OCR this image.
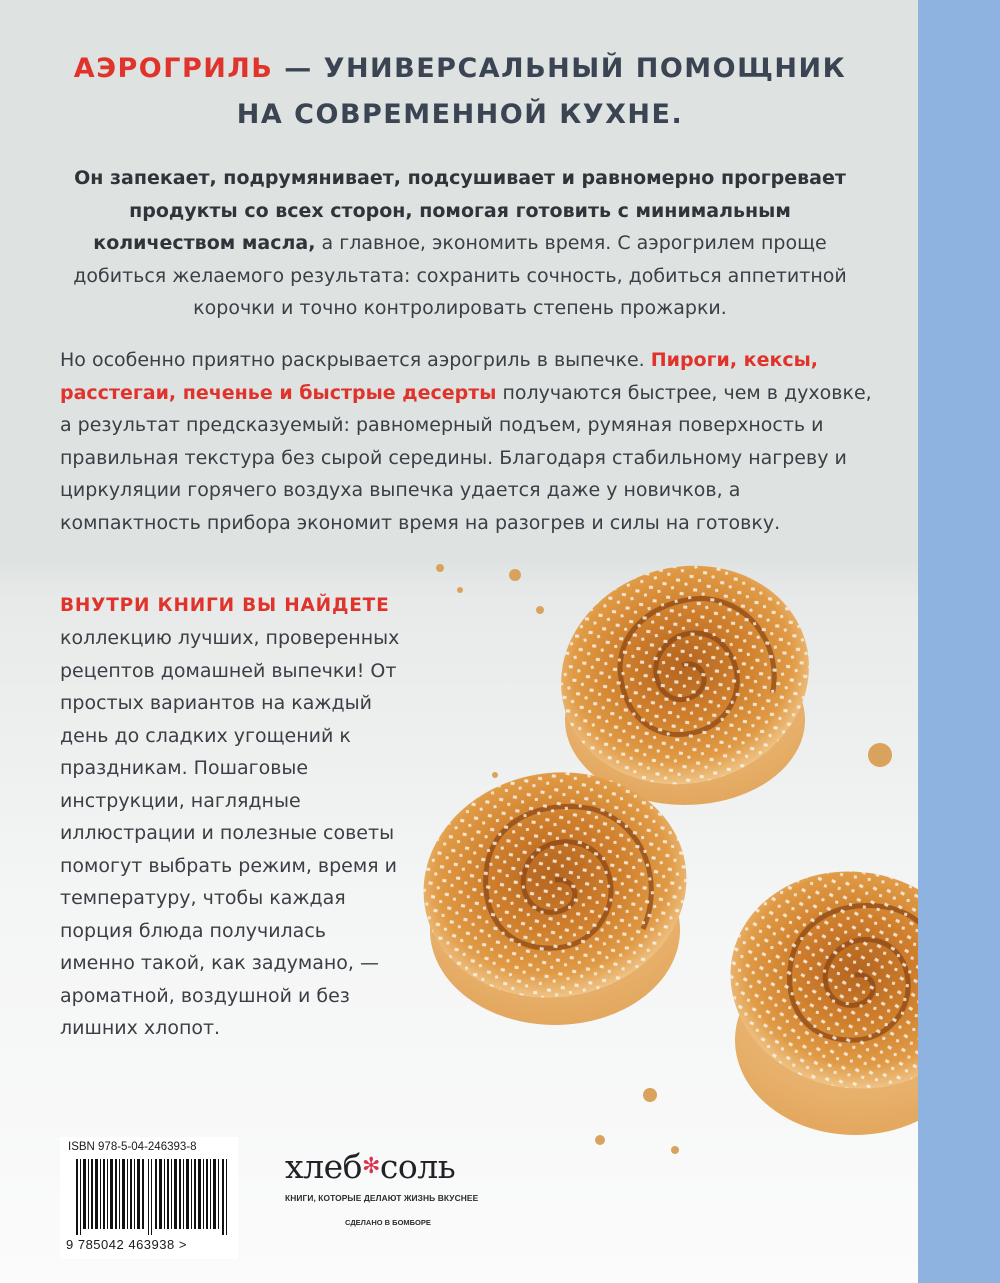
АЭРОГРИЛЬ — УНИВЕРСАЛЬНЫЙ ПОМОЩНИК
НА СОВРЕМЕННОЙ КУХНЕ.

Он запекает, подрумянивает, подсушивает и равномерно прогревает продукты со всех сторон, помогая готовить с минимальным количеством масла, а главное, экономить время. С аэрогрилем проще добиться желаемого результата: сохранить сочность, добиться аппетитной корочки и точно контролировать степень прожарки.

Но особенно приятно раскрывается аэрогриль в выпечке. Пироги, кексы, расстегаи, печенье и быстрые десерты получаются быстрее, чем в духовке, а результат предсказуемый: равномерный подъем, румяная поверхность и правильная текстура без сырой середины. Благодаря стабильному нагреву и циркуляции горячего воздуха выпечка удается даже у новичков, а компактность прибора экономит время на разогрев и силы на готовку.

ВНУТРИ КНИГИ ВЫ НАЙДЕТЕ

коллекцию лучших, проверенных рецептов домашней выпечки! От простых вариантов на каждый день до сладких угощений к праздникам. Пошаговые инструкции, наглядные иллюстрации и полезные советы помогут выбрать режим, время и температуру, чтобы каждая порция блюда получилась именно такой, как задумано, — ароматной, воздушной и без лишних хлопот.

ISBN 978-5-04-246393-8
9 785042 463938 >
хлеб✻соль
КНИГИ, КОТОРЫЕ ДЕЛАЮТ ЖИЗНЬ ВКУСНЕЕ
СДЕЛАНО В БОМБОРЕ
